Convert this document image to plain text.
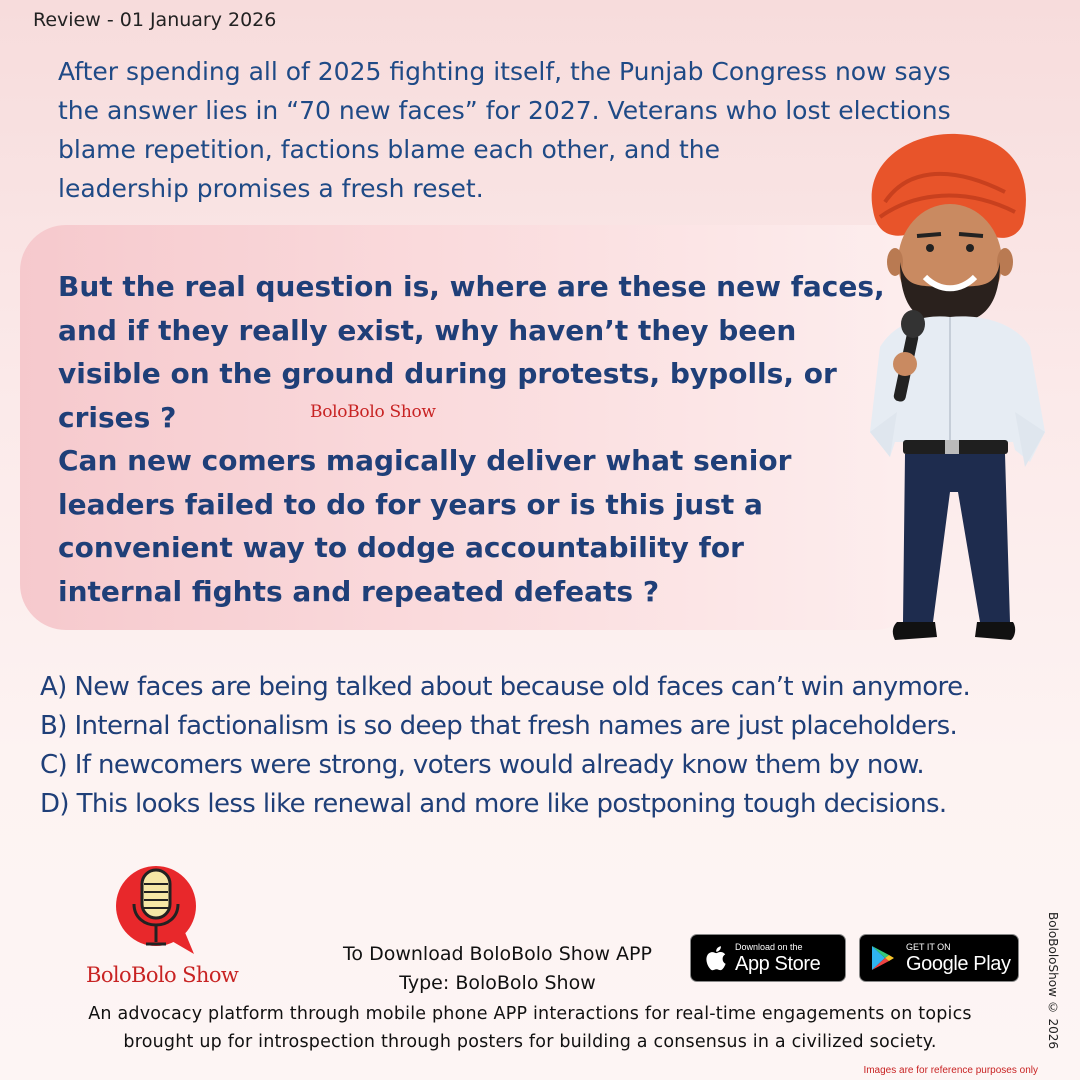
Review - 01 January 2026
After spending all of 2025 fighting itself, the Punjab Congress now says
the answer lies in “70 new faces” for 2027. Veterans who lost elections
blame repetition, factions blame each other, and the
leadership promises a fresh reset.
But the real question is, where are these new faces,
and if they really exist, why haven’t they been
visible on the ground during protests, bypolls, or
crises ?
Can new comers magically deliver what senior
leaders failed to do for years or is this just a
convenient way to dodge accountability for
internal fights and repeated defeats ?
BoloBolo Show
A) New faces are being talked about because old faces can’t win anymore.
B) Internal factionalism is so deep that fresh names are just placeholders.
C) If newcomers were strong, voters would already know them by now.
D) This looks less like renewal and more like postponing tough decisions.
BoloBolo Show
To Download BoloBolo Show APP
Type: BoloBolo Show
Download on the
App Store
GET IT ON
Google Play
An advocacy platform through mobile phone APP interactions for real-time engagements on topics
brought up for introspection through posters for building a consensus in a civilized society.	BoloBoloShow © 2026
Images are for reference purposes only
